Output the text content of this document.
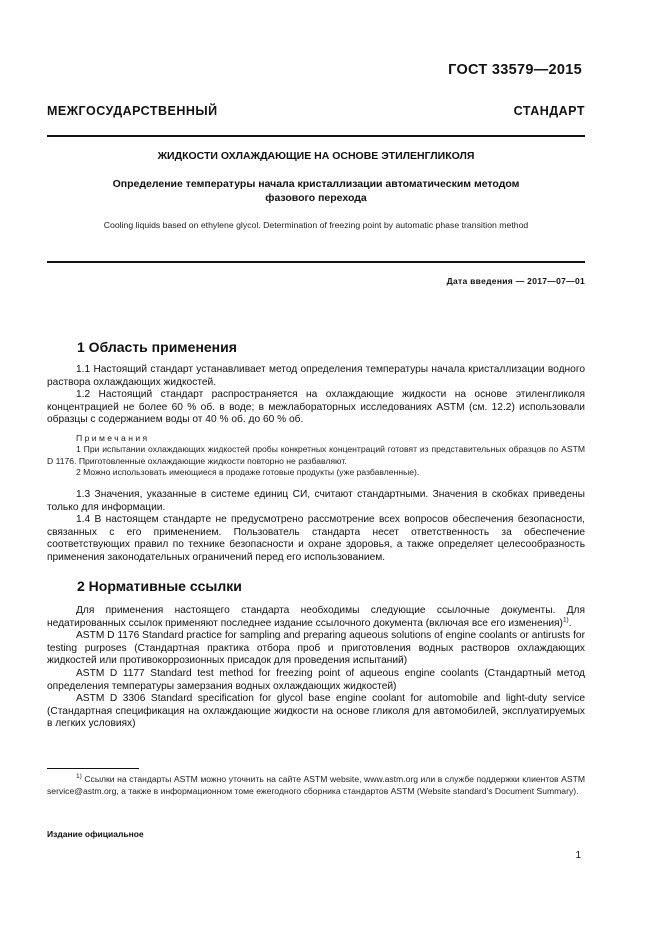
ГОСТ 33579—2015
МЕЖГОСУДАРСТВЕННЫЙ СТАНДАРТ
ЖИДКОСТИ ОХЛАЖДАЮЩИЕ НА ОСНОВЕ ЭТИЛЕНГЛИКОЛЯ
Определение температуры начала кристаллизации автоматическим методом
фазового перехода
Cooling liquids based on ethylene glycol. Determination of freezing point by automatic phase transition method
Дата введения — 2017—07—01
1 Область применения

1.1 Настоящий стандарт устанавливает метод определения температуры начала кристаллизации водного раствора охлаждающих жидкостей.

1.2 Настоящий стандарт распространяется на охлаждающие жидкости на основе этиленгликоля концентрацией не более 60 % об. в воде; в межлабораторных исследованиях ASTM (см. 12.2) использовали образцы с содержанием воды от 40 % об. до 60 % об.

Примечания

1 При испытании охлаждающих жидкостей пробы конкретных концентраций готовят из представительных образцов по ASTM D 1176. Приготовленные охлаждающие жидкости повторно не разбавляют.

2 Можно использовать имеющиеся в продаже готовые продукты (уже разбавленные).

1.3 Значения, указанные в системе единиц СИ, считают стандартными. Значения в скобках приведены только для информации.

1.4 В настоящем стандарте не предусмотрено рассмотрение всех вопросов обеспечения безопасности, связанных с его применением. Пользователь стандарта несет ответственность за обеспечение соответствующих правил по технике безопасности и охране здоровья, а также определяет целесообразность применения законодательных ограничений перед его использованием.

2 Нормативные ссылки

Для применения настоящего стандарта необходимы следующие ссылочные документы. Для недатированных ссылок применяют последнее издание ссылочного документа (включая все его изменения)$^{1)}$.

ASTM D 1176 Standard practice for sampling and preparing aqueous solutions of engine coolants or antirusts for testing purposes (Стандартная практика отбора проб и приготовления водных растворов охлаждающих жидкостей или противокоррозионных присадок для проведения испытаний)

ASTM D 1177 Standard test method for freezing point of aqueous engine coolants (Стандартный метод определения температуры замерзания водных охлаждающих жидкостей)

ASTM D 3306 Standard specification for glycol base engine coolant for automobile and light-duty service (Стандартная спецификация на охлаждающие жидкости на основе гликоля для автомобилей, эксплуатируемых в легких условиях)

$^{1)}$ Ссылки на стандарты ASTM можно уточнить на сайте ASTM website, www.astm.org или в службе поддержки клиентов ASTM service@astm.org, а также в информационном томе ежегодного сборника стандартов ASTM (Website standard’s Document Summary).

Издание официальное
1
